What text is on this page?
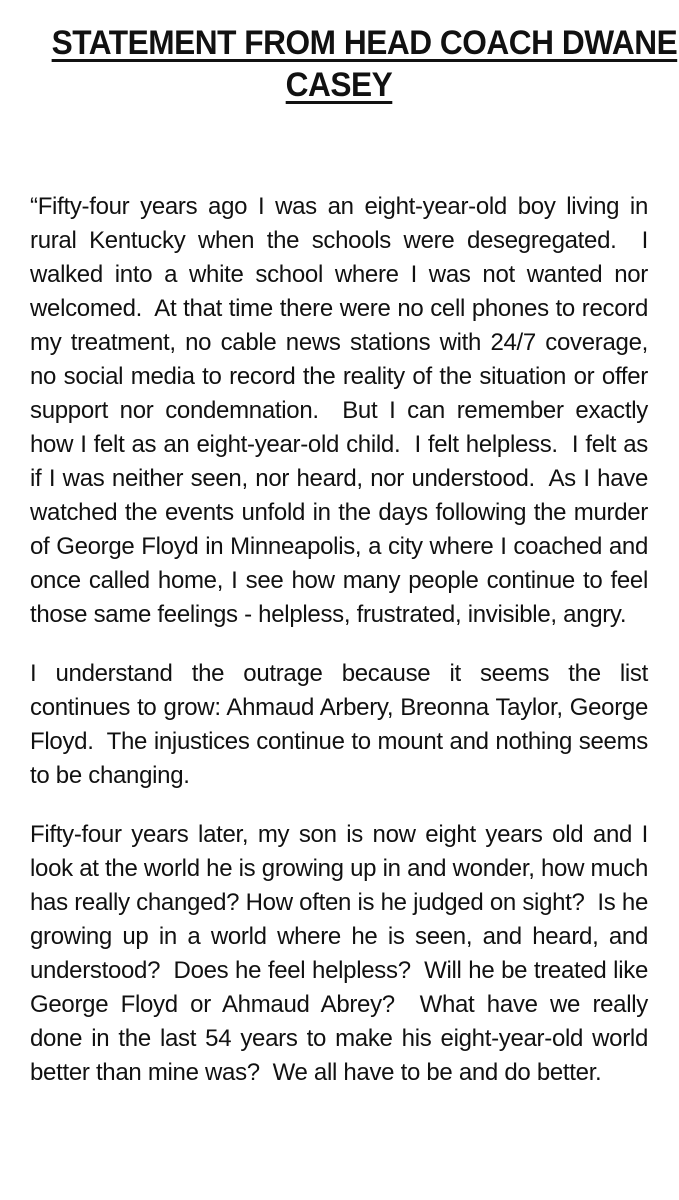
STATEMENT FROM HEAD COACH DWANE
CASEY

“Fifty-four years ago I was an eight-year-old boy living in rural Kentucky when the schools were desegregated.  I walked into a white school where I was not wanted nor welcomed.  At that time there were no cell phones to record my treatment, no cable news stations with 24/7 coverage, no social media to record the reality of the situation or offer support nor condemnation.  But I can remember exactly how I felt as an eight-year-old child.  I felt helpless.  I felt as if I was neither seen, nor heard, nor understood.  As I have watched the events unfold in the days following the murder of George Floyd in Minneapolis, a city where I coached and once called home, I see how many people continue to feel those same feelings - helpless, frustrated, invisible, angry.

I understand the outrage because it seems the list continues to grow: Ahmaud Arbery, Breonna Taylor, George Floyd.  The injustices continue to mount and nothing seems to be changing.

Fifty-four years later, my son is now eight years old and I look at the world he is growing up in and wonder, how much has really changed? How often is he judged on sight?  Is he growing up in a world where he is seen, and heard, and understood?  Does he feel helpless?  Will he be treated like George Floyd or Ahmaud Abrey?  What have we really done in the last 54 years to make his eight-year-old world better than mine was?  We all have to be and do better.
